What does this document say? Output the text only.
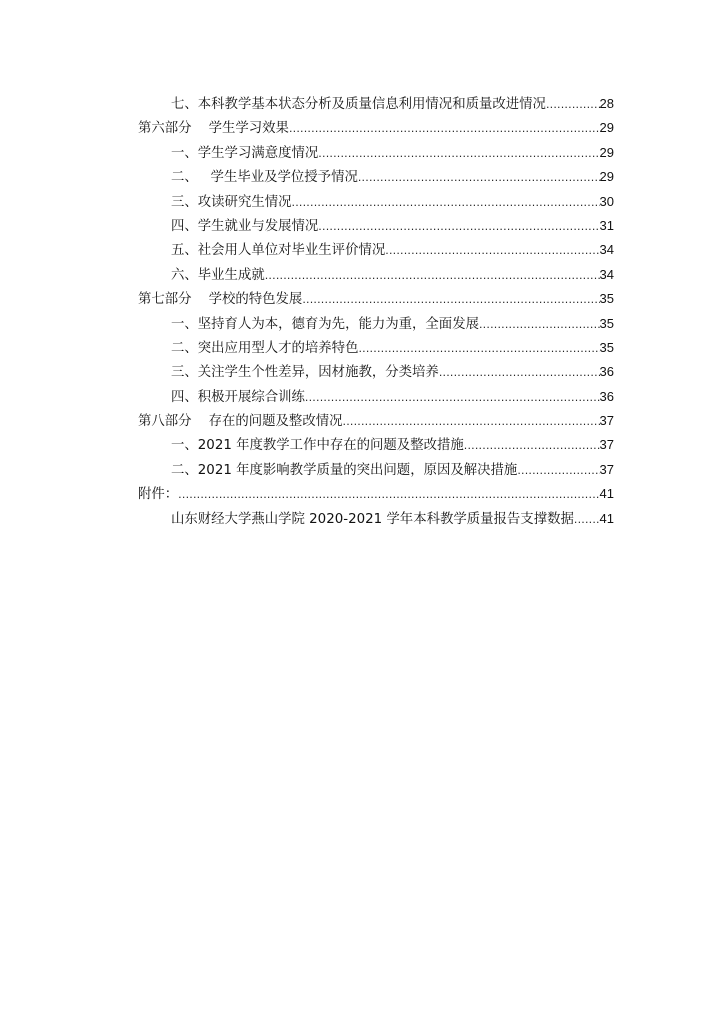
七、本科教学基本状态分析及质量信息利用情况和质量改进情况 .....	28
第六部分    学生学习效果 .....	29
一、学生学习满意度情况 .....	29
二、   学生毕业及学位授予情况 .....	29
三、攻读研究生情况 .....	30
四、学生就业与发展情况 .....	31
五、社会用人单位对毕业生评价情况 .....	34
六、毕业生成就 .....	34
第七部分    学校的特色发展 .....	35
一、坚持育人为本，德育为先，能力为重，全面发展 .....	35
二、突出应用型人才的培养特色 .....	35
三、关注学生个性差异，因材施教，分类培养 .....	36
四、积极开展综合训练 .....	36
第八部分    存在的问题及整改情况 .....	37
一、2021 年度教学工作中存在的问题及整改措施 .....	37
二、2021 年度影响教学质量的突出问题，原因及解决措施 .....	37
附件： .....	41
山东财经大学燕山学院 2020-2021 学年本科教学质量报告支撑数据 ..... 41
